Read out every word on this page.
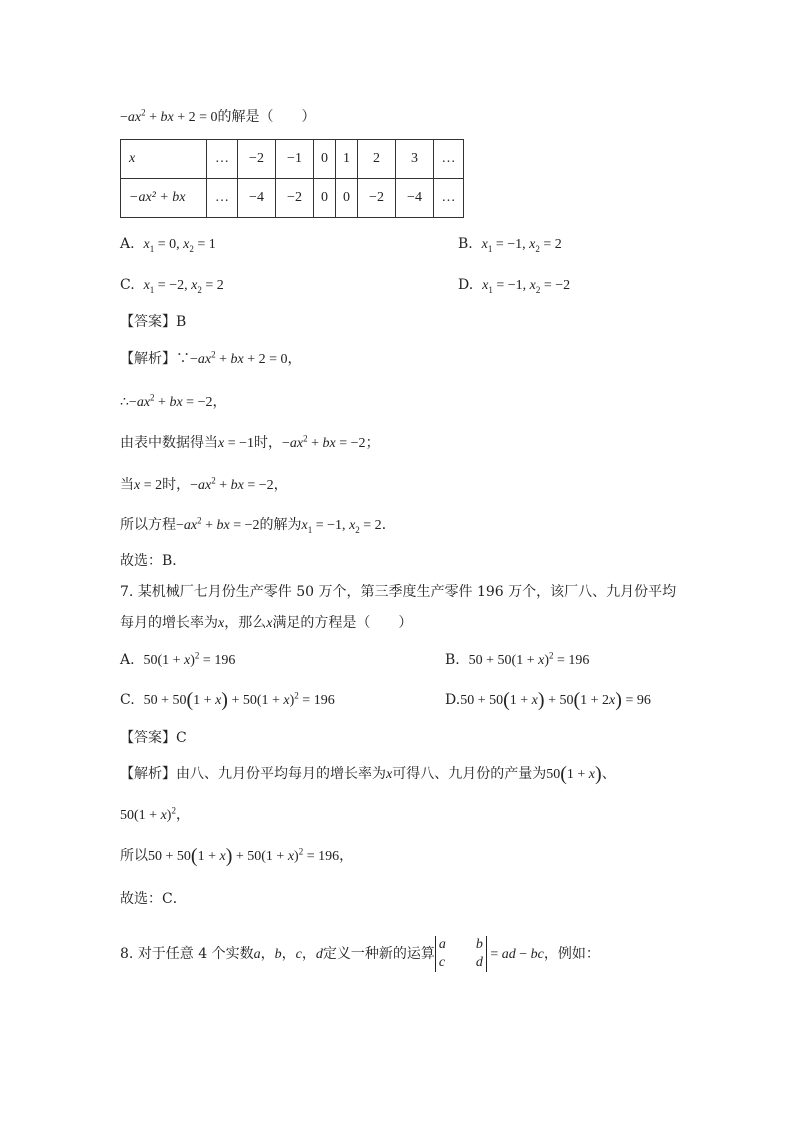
$-ax^2$ + bx + 2 = 0的解是（　　）
x	…	−2	−1	0	1	2	3	…
−ax² + bx	…	−4	−2	0	0	−2	−4	…
A. $x_1 = 0$, $x_2 = 1$	B. $x_1 = -1$, $x_2 = 2$
C. $x_1 = -2$, $x_2 = 2$	D. $x_1 = -1$, $x_2 = -2$
【答案】B
【解析】$\because-ax^2$ + bx + 2 = 0，
$\therefore-ax^2$ + bx = −2，
由表中数据得当x = −1时，$-ax^2$ + bx = −2；
当x = 2时，$-ax^2$ + bx = −2，
所以方程$-ax^2$ + bx = −2的解为$x_1 = -1$, $x_2 = 2$．
故选：B．
7. 某机械厂七月份生产零件 50 万个，第三季度生产零件 196 万个，该厂八、九月份平均
每月的增长率为x，那么x满足的方程是（　　）
A. $50(1 + x)^2 = 196$	B. $50 + 50(1 + x)^2 = 196$
C. $50 + 50(1 + x) + 50(1 + x)^2 = 196$	D.50 + 50(1 + x) + 50(1 + 2x) = 96
【答案】C
【解析】由八、九月份平均每月的增长率为x可得八、九月份的产量为50(1 + x)、
$50(1 + x)^2$，
所以$50 + 50(1 + x) + 50(1 + x)^2 = 196$，
故选：C．
8. 对于任意 4 个实数a，b，c，d定义一种新的运算a b
c d = ad − bc，例如：
